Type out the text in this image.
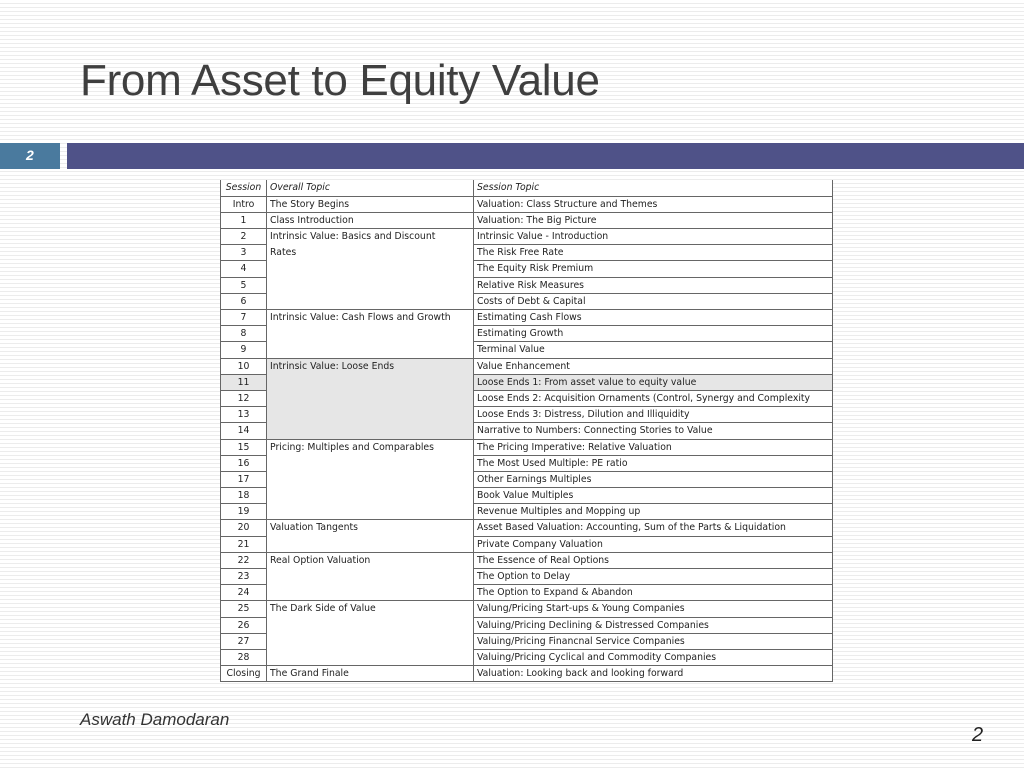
From Asset to Equity Value
2
Session	Overall Topic	Session Topic
Intro	The Story Begins	Valuation: Class Structure and Themes
1	Class Introduction	Valuation: The Big Picture
2	Intrinsic Value: Basics and Discount	Intrinsic Value - Introduction
3	Rates	The Risk Free Rate
4		The Equity Risk Premium
5		Relative Risk Measures
6		Costs of Debt & Capital
7	Intrinsic Value: Cash Flows and Growth	Estimating Cash Flows
8		Estimating Growth
9		Terminal Value
10	Intrinsic Value: Loose Ends	Value Enhancement
11		Loose Ends 1: From asset value to equity value
12		Loose Ends 2: Acquisition Ornaments (Control, Synergy and Complexity
13		Loose Ends 3: Distress, Dilution and Illiquidity
14		Narrative to Numbers: Connecting Stories to Value
15	Pricing: Multiples and Comparables	The Pricing Imperative: Relative Valuation
16		The Most Used Multiple: PE ratio
17		Other Earnings Multiples
18		Book Value Multiples
19		Revenue Multiples and Mopping up
20	Valuation Tangents	Asset Based Valuation: Accounting, Sum of the Parts & Liquidation
21		Private Company Valuation
22	Real Option Valuation	The Essence of Real Options
23		The Option to Delay
24		The Option to Expand & Abandon
25	The Dark Side of Value	Valung/Pricing Start-ups & Young Companies
26		Valuing/Pricing Declining & Distressed Companies
27		Valuing/Pricing Financnal Service Companies
28		Valuing/Pricing Cyclical and Commodity Companies
Closing	The Grand Finale	Valuation: Looking back and looking forward
Aswath Damodaran
2
